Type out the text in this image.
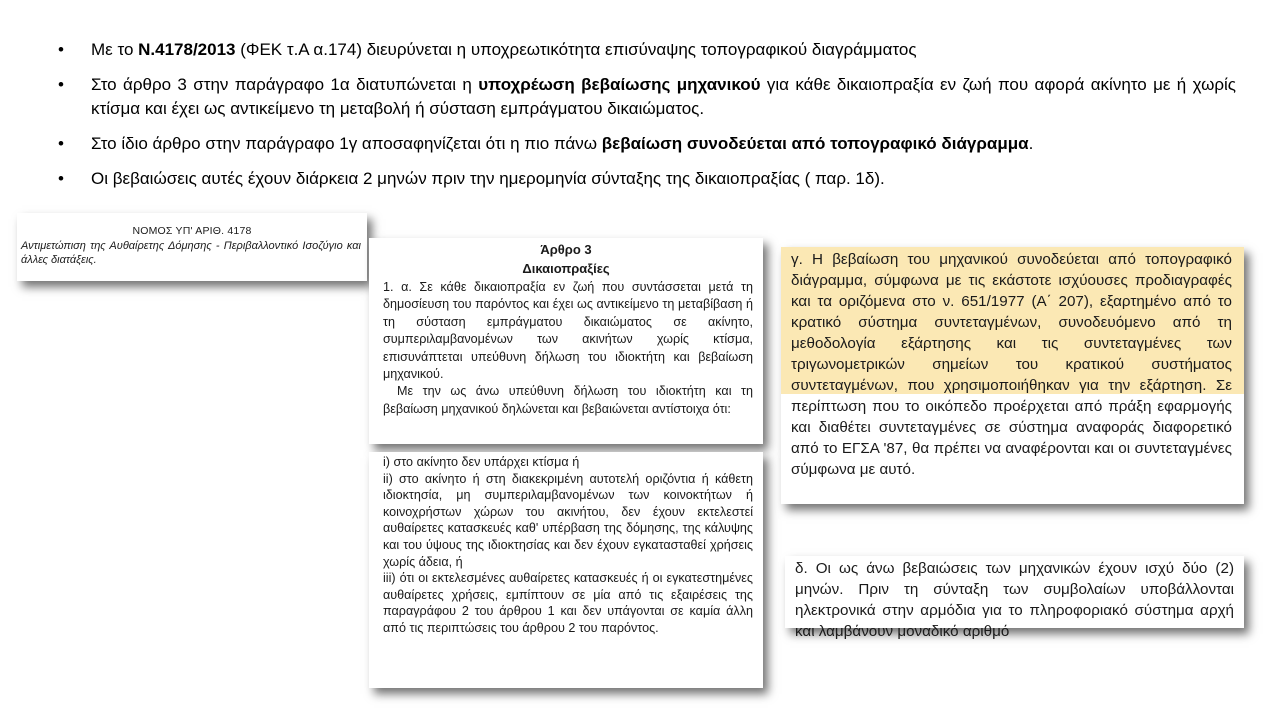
• Με το Ν.4178/2013 (ΦΕΚ τ.Α α.174) διευρύνεται η υποχρεωτικότητα επισύναψης τοπογραφικού διαγράμματος
• Στο άρθρο 3 στην παράγραφο 1α διατυπώνεται η υποχρέωση βεβαίωσης μηχανικού για κάθε δικαιοπραξία εν ζωή που αφορά ακίνητο με ή χωρίς κτίσμα και έχει ως αντικείμενο τη μεταβολή ή σύσταση εμπράγματου δικαιώματος.
• Στο ίδιο άρθρο στην παράγραφο 1γ αποσαφηνίζεται ότι η πιο πάνω βεβαίωση συνοδεύεται από τοπογραφικό διάγραμμα.
• Οι βεβαιώσεις αυτές έχουν διάρκεια 2 μηνών πριν την ημερομηνία σύνταξης της δικαιοπραξίας ( παρ. 1δ).

ΝΟΜΟΣ ΥΠ' ΑΡΙΘ. 4178

Αντιμετώπιση της Αυθαίρετης Δόμησης - Περιβαλλοντικό Ισοζύγιο και άλλες διατάξεις.

Άρθρο 3

Δικαιοπραξίες

1. α. Σε κάθε δικαιοπραξία εν ζωή που συντάσσεται μετά τη δημοσίευση του παρόντος και έχει ως αντικείμενο τη μεταβίβαση ή τη σύσταση εμπράγματου δικαιώματος σε ακίνητο, συμπεριλαμβανομένων των ακινήτων χωρίς κτίσμα, επισυνάπτεται υπεύθυνη δήλωση του ιδιοκτήτη και βεβαίωση μηχανικού.

Με την ως άνω υπεύθυνη δήλωση του ιδιοκτήτη και τη βεβαίωση μηχανικού δηλώνεται και βεβαιώνεται αντίστοιχα ότι:

i) στο ακίνητο δεν υπάρχει κτίσμα ή

ii) στο ακίνητο ή στη διακεκριμένη αυτοτελή οριζόντια ή κάθετη ιδιοκτησία, μη συμπεριλαμβανομένων των κοινοκτήτων ή κοινοχρήστων χώρων του ακινήτου, δεν έχουν εκτελεστεί αυθαίρετες κατασκευές καθ' υπέρβαση της δόμησης, της κάλυψης και του ύψους της ιδιοκτησίας και δεν έχουν εγκατασταθεί χρήσεις χωρίς άδεια, ή

iii) ότι οι εκτελεσμένες αυθαίρετες κατασκευές ή οι εγκατεστημένες αυθαίρετες χρήσεις, εμπίπτουν σε μία από τις εξαιρέσεις της παραγράφου 2 του άρθρου 1 και δεν υπάγονται σε καμία άλλη από τις περιπτώσεις του άρθρου 2 του παρόντος.

γ. Η βεβαίωση του μηχανικού συνοδεύεται από τοπογραφικό διάγραμμα, σύμφωνα με τις εκάστοτε ισχύουσες προδιαγραφές και τα οριζόμενα στο ν. 651/1977 (Α΄ 207), εξαρτημένο από το κρατικό σύστημα συντεταγμένων, συνοδευόμενο από τη μεθοδολογία εξάρτησης και τις συντεταγμένες των τριγωνομετρικών σημείων του κρατικού συστήματος συντεταγμένων, που χρησιμοποιήθηκαν για την εξάρτηση. Σε περίπτωση που το οικόπεδο προέρχεται από πράξη εφαρμογής και διαθέτει συντεταγμένες σε σύστημα αναφοράς διαφορετικό από το ΕΓΣΑ '87, θα πρέπει να αναφέρονται και οι συντεταγμένες σύμφωνα με αυτό.

δ. Οι ως άνω βεβαιώσεις των μηχανικών έχουν ισχύ δύο (2) μηνών. Πριν τη σύνταξη των συμβολαίων υποβάλλονται ηλεκτρονικά στην αρμόδια για το πληροφοριακό σύστημα αρχή και λαμβάνουν μοναδικό αριθμό
